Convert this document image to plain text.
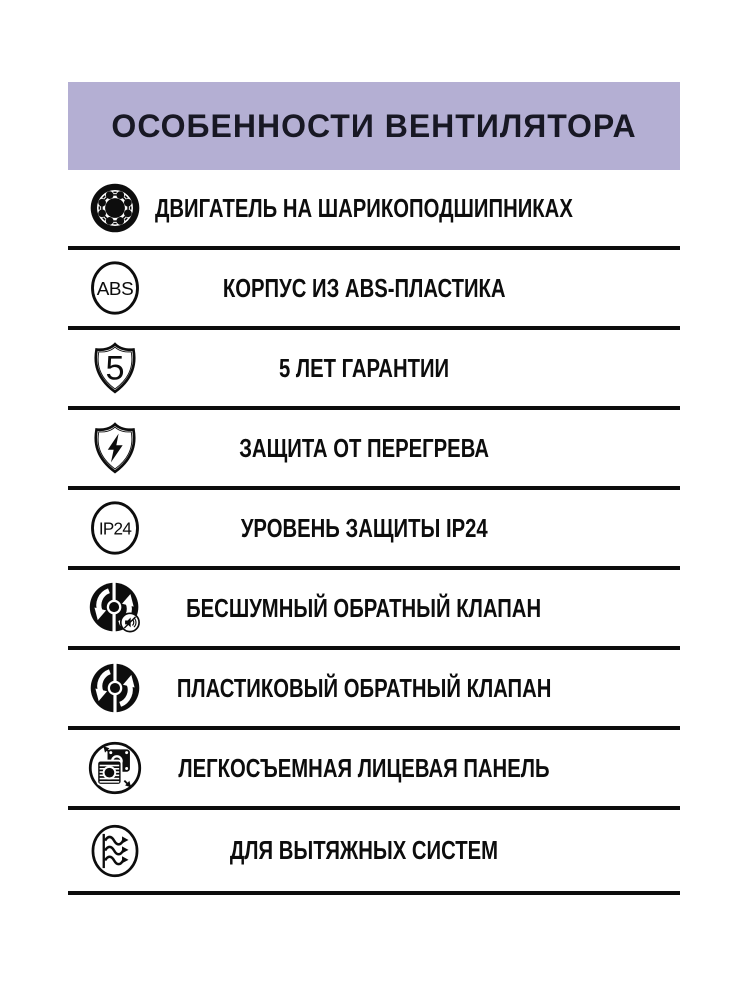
ОСОБЕННОСТИ ВЕНТИЛЯТОРА
ДВИГАТЕЛЬ НА ШАРИКОПОДШИПНИКАХ
ABS	КОРПУС ИЗ ABS-ПЛАСТИКА
5	5 ЛЕТ ГАРАНТИИ
ЗАЩИТА ОТ ПЕРЕГРЕВА
IP24	УРОВЕНЬ ЗАЩИТЫ IP24
БЕСШУМНЫЙ ОБРАТНЫЙ КЛАПАН
ПЛАСТИКОВЫЙ ОБРАТНЫЙ КЛАПАН
ЛЕГКОСЪЕМНАЯ ЛИЦЕВАЯ ПАНЕЛЬ
ДЛЯ ВЫТЯЖНЫХ СИСТЕМ
